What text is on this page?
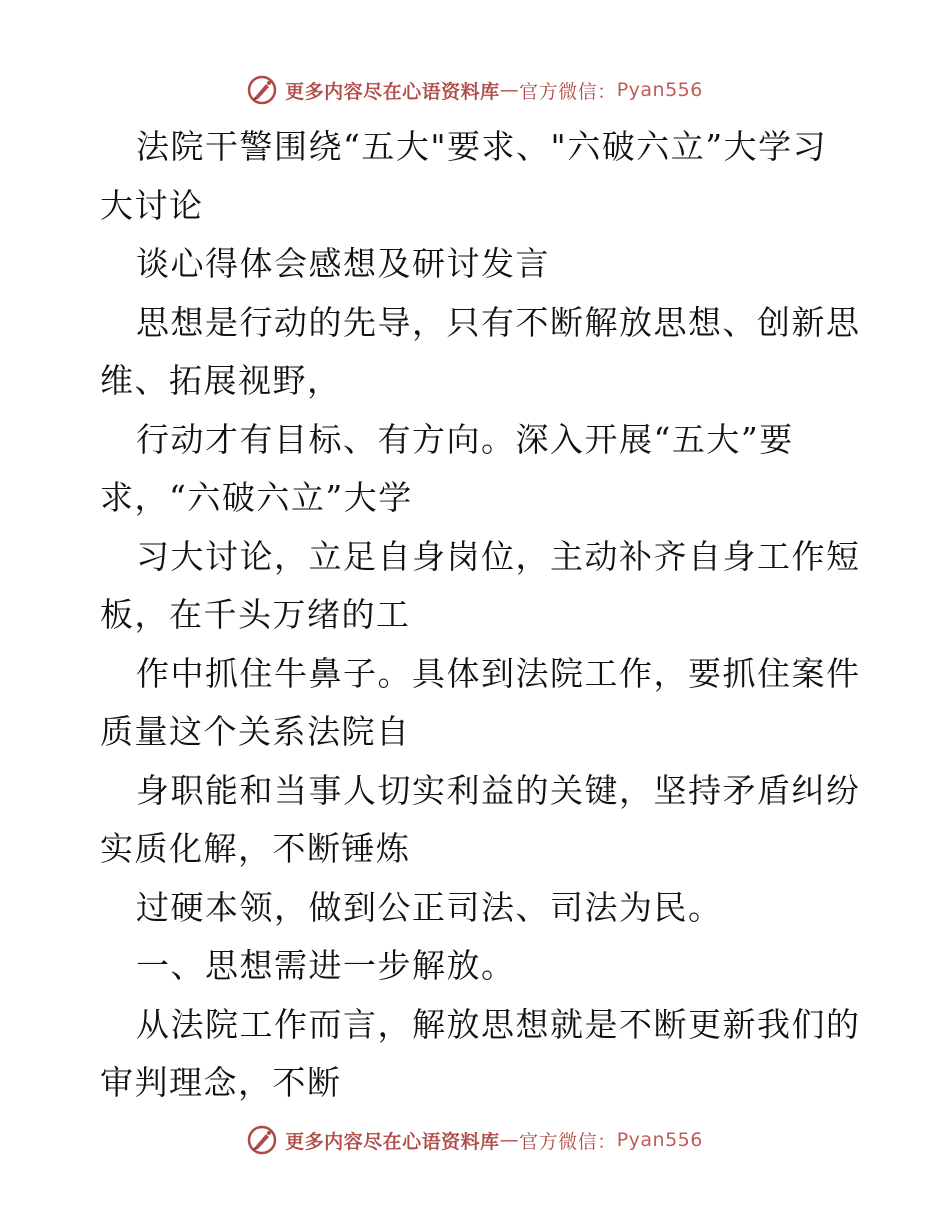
更多内容尽在心语资料库 — 官方微信： Pyan556
法院干警围绕“五大"要求、"六破六立”大学习
大讨论
谈心得体会感想及研讨发言
思想是行动的先导，只有不断解放思想、创新思
维、拓展视野，
行动才有目标、有方向。深入开展“五大”要
求，“六破六立”大学
习大讨论，立足自身岗位，主动补齐自身工作短
板，在千头万绪的工
作中抓住牛鼻子。具体到法院工作，要抓住案件
质量这个关系法院自
身职能和当事人切实利益的关键，坚持矛盾纠纷
实质化解，不断锤炼
过硬本领，做到公正司法、司法为民。
一、思想需进一步解放。
从法院工作而言，解放思想就是不断更新我们的
审判理念，不断
更多内容尽在心语资料库 — 官方微信： Pyan556
